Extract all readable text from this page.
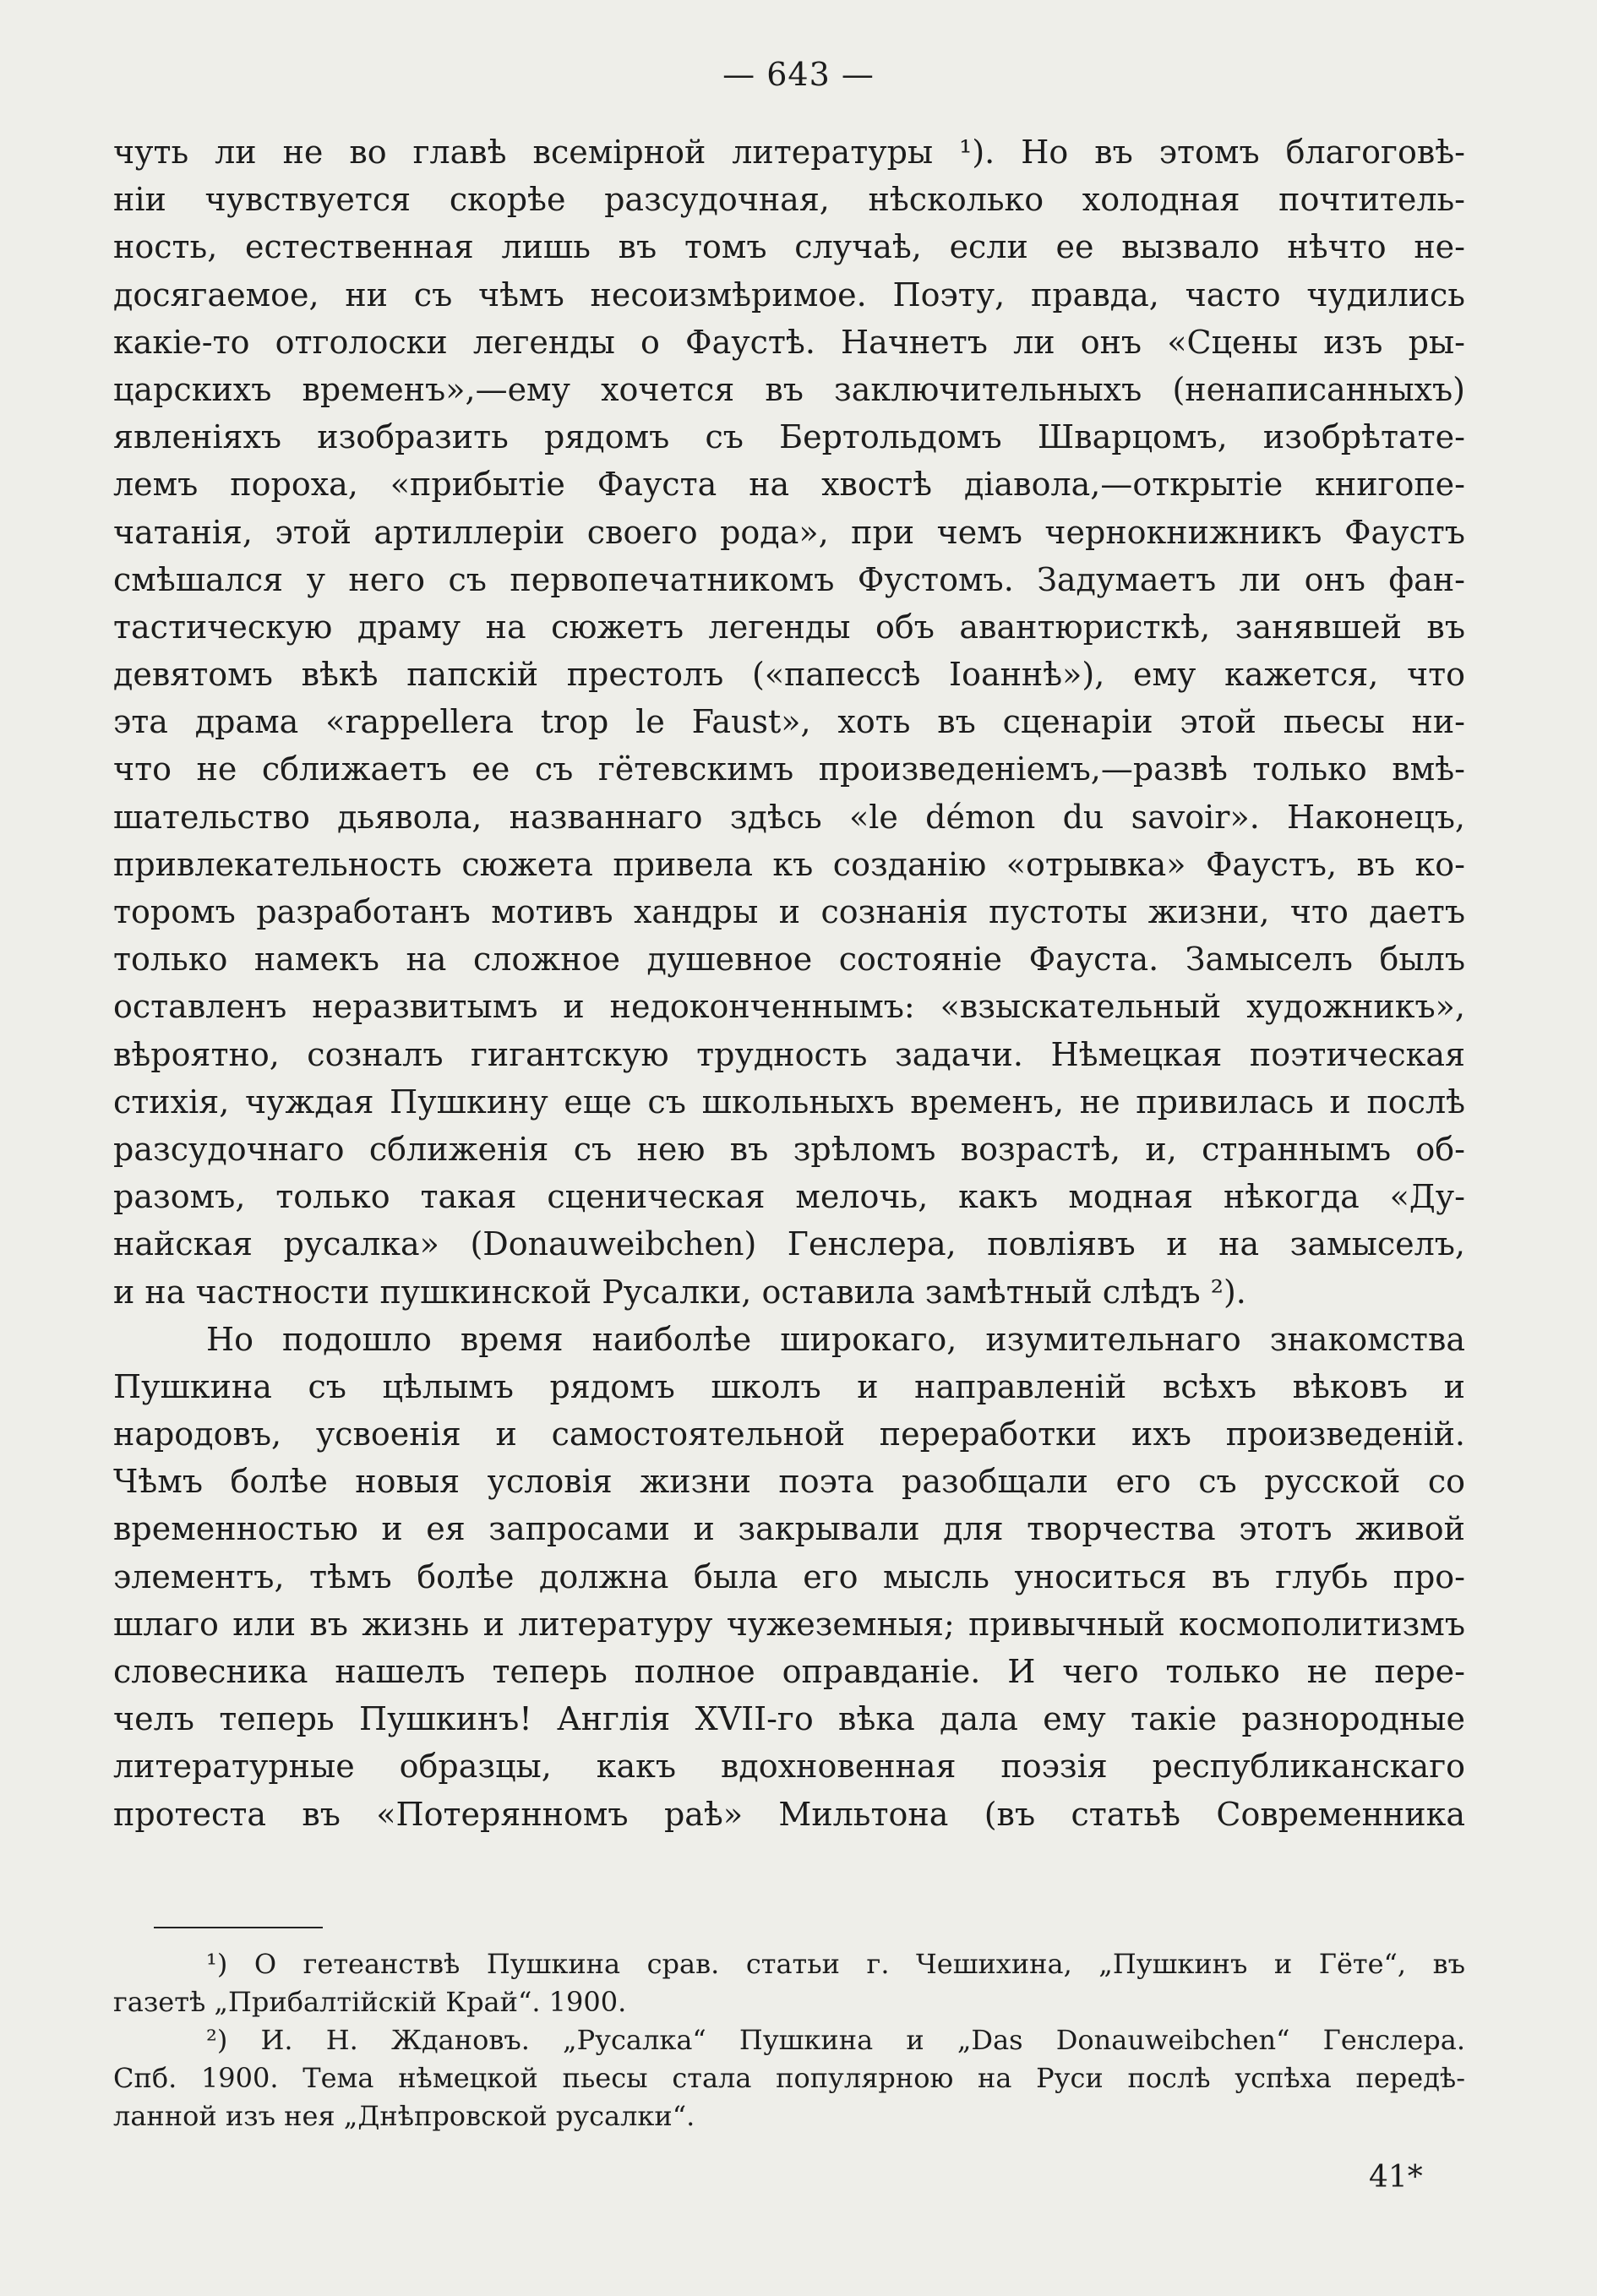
— 643 —
чуть ли не во главѣ всемiрной литературы ¹). Но въ этомъ благоговѣ-
нiи чувствуется скорѣе разсудочная, нѣсколько холодная почтитель-
ность, естественная лишь въ томъ случаѣ, если ее вызвало нѣчто не-
досягаемое, ни съ чѣмъ несоизмѣримое. Поэту, правда, часто чудились
какiе-то отголоски легенды о Фаустѣ. Начнетъ ли онъ «Сцены изъ ры-
царскихъ временъ»,—ему хочется въ заключительныхъ (ненаписанныхъ)
явленiяхъ изобразить рядомъ съ Бертольдомъ Шварцомъ, изобрѣтате-
лемъ пороха, «прибытiе Фауста на хвостѣ дiавола,—открытiе книгопе-
чатанiя, этой артиллерiи своего рода», при чемъ чернокнижникъ Фаустъ
смѣшался у него съ первопечатникомъ Фустомъ. Задумаетъ ли онъ фан-
тастическую драму на сюжетъ легенды объ авантюристкѣ, занявшей въ
девятомъ вѣкѣ папскiй престолъ («папессѣ Iоаннѣ»), ему кажется, что
эта драма «rappellera trop le Faust», хоть въ сценарiи этой пьесы ни-
что не сближаетъ ее съ гётевскимъ произведенiемъ,—развѣ только вмѣ-
шательство дьявола, названнаго здѣсь «le démon du savoir». Наконецъ,
привлекательность сюжета привела къ созданiю «отрывка» Фаустъ, въ ко-
торомъ разработанъ мотивъ хандры и сознанiя пустоты жизни, что даетъ
только намекъ на сложное душевное состоянiе Фауста. Замыселъ былъ
оставленъ неразвитымъ и недоконченнымъ: «взыскательный художникъ»,
вѣроятно, созналъ гигантскую трудность задачи. Нѣмецкая поэтическая
стихiя, чуждая Пушкину еще съ школьныхъ временъ, не привилась и послѣ
разсудочнаго сближенiя съ нею въ зрѣломъ возрастѣ, и, страннымъ об-
разомъ, только такая сценическая мелочь, какъ модная нѣкогда «Ду-
найская русалка» (Donauweibchen) Генслера, повлiявъ и на замыселъ,
и на частности пушкинской Русалки, оставила замѣтный слѣдъ ²).
Но подошло время наиболѣе широкаго, изумительнаго знакомства
Пушкина съ цѣлымъ рядомъ школъ и направленiй всѣхъ вѣковъ и
народовъ, усвоенiя и самостоятельной переработки ихъ произведенiй.
Чѣмъ болѣе новыя условiя жизни поэта разобщали его съ русской со
временностью и ея запросами и закрывали для творчества этотъ живой
элементъ, тѣмъ болѣе должна была его мысль уноситься въ глубь про-
шлаго или въ жизнь и литературу чужеземныя; привычный космополитизмъ
словесника нашелъ теперь полное оправданiе. И чего только не пере-
челъ теперь Пушкинъ! Англiя XVII-го вѣка дала ему такiе разнородные
литературные образцы, какъ вдохновенная поэзiя республиканскаго
протеста въ «Потерянномъ раѣ» Мильтона (въ статьѣ Современника
¹) О гетеанствѣ Пушкина срав. статьи г. Чешихина, „Пушкинъ и Гёте“, въ
газетѣ „Прибалтiйскiй Край“. 1900.
²) И. Н. Ждановъ. „Русалка“ Пушкина и „Das Donauweibchen“ Генслера.
Спб. 1900. Тема нѣмецкой пьесы стала популярною на Руси послѣ успѣха передѣ-
ланной изъ нея „Днѣпровской русалки“.
41*
